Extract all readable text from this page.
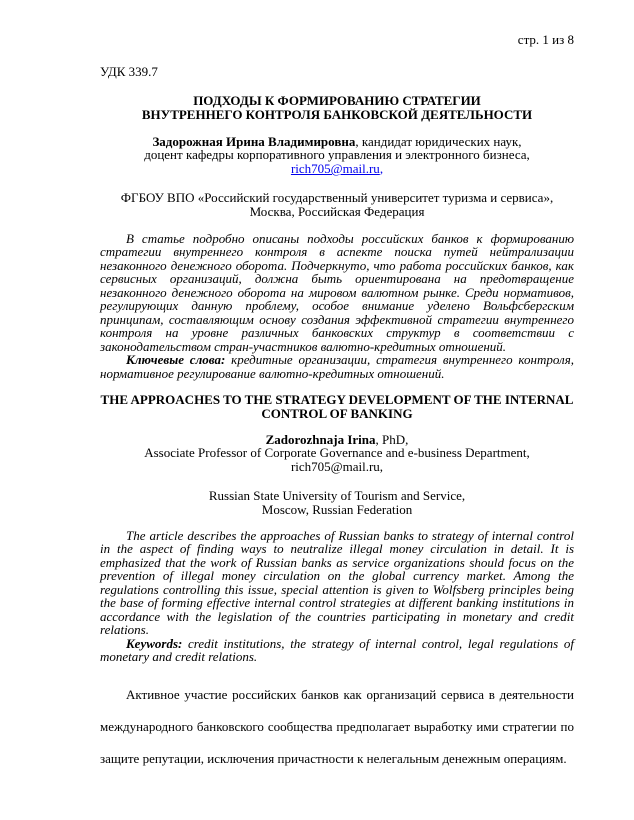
стр. 1 из 8
УДК 339.7
ПОДХОДЫ К ФОРМИРОВАНИЮ СТРАТЕГИИ
ВНУТРЕННЕГО КОНТРОЛЯ БАНКОВСКОЙ ДЕЯТЕЛЬНОСТИ
Задорожная Ирина Владимировна, кандидат юридических наук,
доцент кафедры корпоративного управления и электронного бизнеса,
rich705@mail.ru,
ФГБОУ ВПО «Российский государственный университет туризма и сервиса»,
Москва, Российская Федерация
В статье подробно описаны подходы российских банков к формированию стратегии внутреннего контроля в аспекте поиска путей нейтрализации незаконного денежного оборота. Подчеркнуто, что работа российских банков, как сервисных организаций, должна быть ориентирована на предотвращение незаконного денежного оборота на мировом валютном рынке. Среди нормативов, регулирующих данную проблему, особое внимание уделено Вольфсбергским принципам, составляющим основу создания эффективной стратегии внутреннего контроля на уровне различных банковских структур в соответствии с законодательством стран-участников валютно-кредитных отношений.
Ключевые слова: кредитные организации, стратегия внутреннего контроля, нормативное регулирование валютно-кредитных отношений.
THE APPROACHES TO THE STRATEGY DEVELOPMENT OF THE INTERNAL
CONTROL OF BANKING
Zadorozhnaja Irina, PhD,
Associate Professor of Corporate Governance and e-business Department,
rich705@mail.ru,
Russian State University of Tourism and Service,
Moscow, Russian Federation
The article describes the approaches of Russian banks to strategy of internal control in the aspect of finding ways to neutralize illegal money circulation in detail. It is emphasized that the work of Russian banks as service organizations should focus on the prevention of illegal money circulation on the global currency market. Among the regulations controlling this issue, special attention is given to Wolfsberg principles being the base of forming effective internal control strategies at different banking institutions in accordance with the legislation of the countries participating in monetary and credit relations.
Keywords: credit institutions, the strategy of internal control, legal regulations of monetary and credit relations.
Активное участие российских банков как организаций сервиса в деятельности международного банковского сообщества предполагает выработку ими стратегии по защите репутации, исключения причастности к нелегальным денежным операциям.
